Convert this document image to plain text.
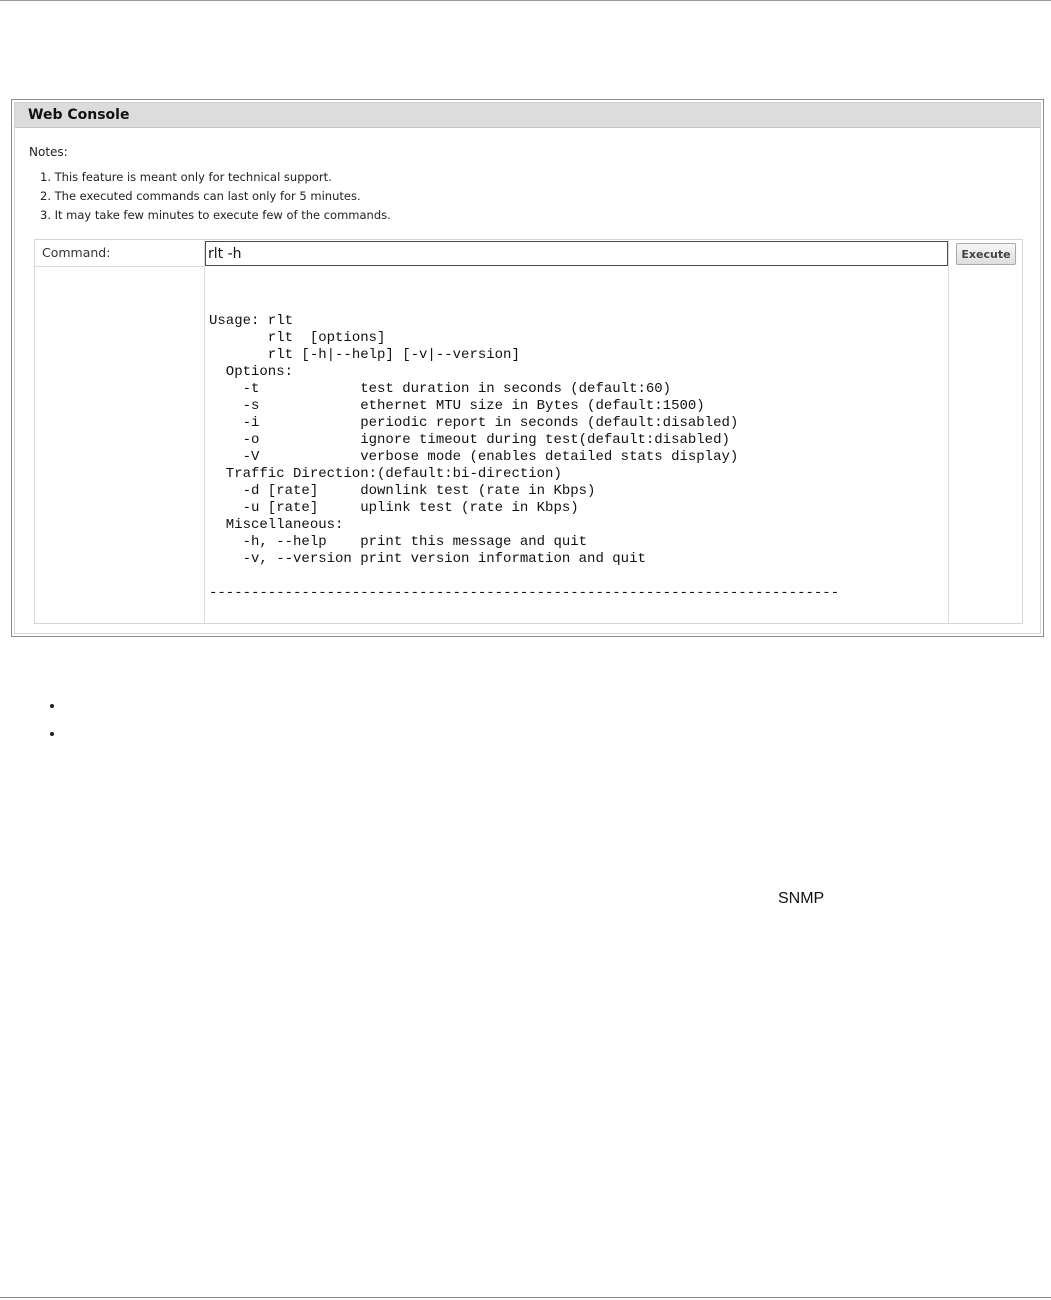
Web Console
Notes:
1. This feature is meant only for technical support.
2. The executed commands can last only for 5 minutes.
3. It may take few minutes to execute few of the commands.
Command:
rlt -h	Execute
Usage: rlt
rlt  [options]
rlt [-h|--help] [-v|--version]
Options:
-t            test duration in seconds (default:60)
-s            ethernet MTU size in Bytes (default:1500)
-i            periodic report in seconds (default:disabled)
-o            ignore timeout during test(default:disabled)
-V            verbose mode (enables detailed stats display)
Traffic Direction:(default:bi-direction)
-d [rate]     downlink test (rate in Kbps)
-u [rate]     uplink test (rate in Kbps)
Miscellaneous:
-h, --help    print this message and quit
-v, --version print version information and quit

---------------------------------------------------------------------------
SNMP
